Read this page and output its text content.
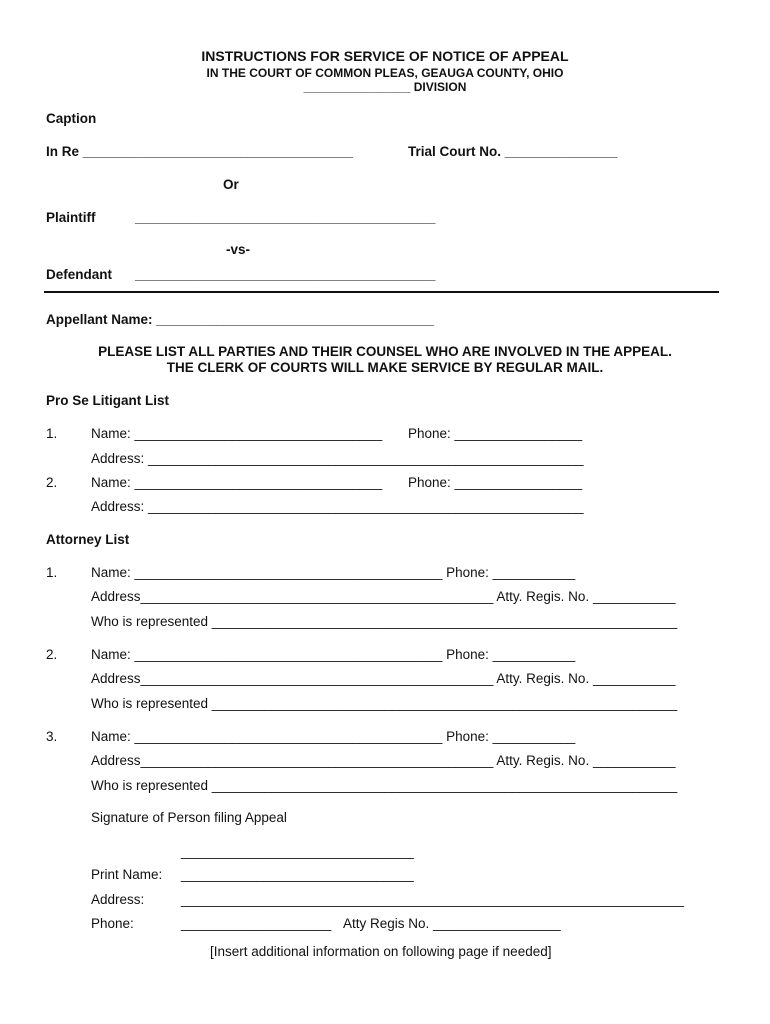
INSTRUCTIONS FOR SERVICE OF NOTICE OF APPEAL
IN THE COURT OF COMMON PLEAS, GEAUGA COUNTY, OHIO
________________ DIVISION
Caption
In Re ____________________________________	Trial Court No. _______________
Or
Plaintiff	________________________________________
-vs-
Defendant ________________________________________
Appellant Name: _____________________________________
PLEASE LIST ALL PARTIES AND THEIR COUNSEL WHO ARE INVOLVED IN THE APPEAL.
THE CLERK OF COURTS WILL MAKE SERVICE BY REGULAR MAIL.
Pro Se Litigant List
1. Name: _________________________________ Phone: _________________
Address: __________________________________________________________
2. Name: _________________________________ Phone: _________________
Address: __________________________________________________________
Attorney List
1. Name: _________________________________________ Phone: ___________
Address_______________________________________________ Atty. Regis. No. ___________
Who is represented ______________________________________________________________
2. Name: _________________________________________ Phone: ___________
Address_______________________________________________ Atty. Regis. No. ___________
Who is represented ______________________________________________________________
3. Name: _________________________________________ Phone: ___________
Address_______________________________________________ Atty. Regis. No. ___________
Who is represented ______________________________________________________________
Signature of Person filing Appeal
_______________________________
Print Name: _______________________________
Address:	___________________________________________________________________
Phone:	____________________ Atty Regis No. _________________
[Insert additional information on following page if needed]
